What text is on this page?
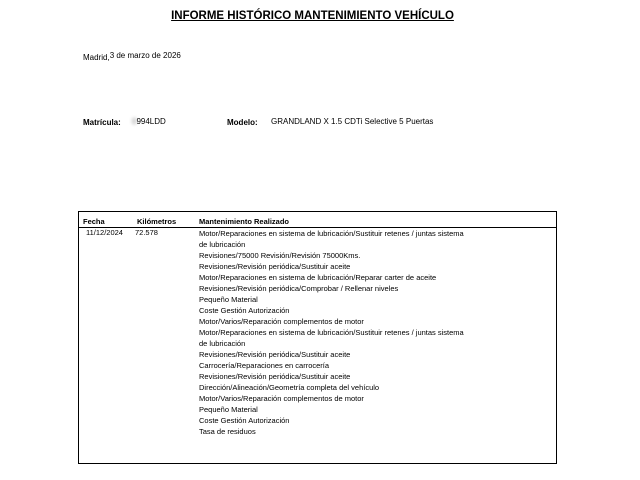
INFORME HISTÓRICO MANTENIMIENTO VEHÍCULO
Madrid,3 de marzo de 2026
Matrícula: 0994LDD	Modelo: GRANDLAND X 1.5 CDTi Selective 5 Puertas
Fecha	Kilómetros	Mantenimiento Realizado
11/12/2024 72.578	Motor/Reparaciones en sistema de lubricación/Sustituir retenes / juntas sistema
de lubricación
Revisiones/75000 Revisión/Revisión 75000Kms.
Revisiones/Revisión periódica/Sustituir aceite
Motor/Reparaciones en sistema de lubricación/Reparar carter de aceite
Revisiones/Revisión periódica/Comprobar / Rellenar niveles
Pequeño Material
Coste Gestión Autorización
Motor/Varios/Reparación complementos de motor
Motor/Reparaciones en sistema de lubricación/Sustituir retenes / juntas sistema
de lubricación
Revisiones/Revisión periódica/Sustituir aceite
Carrocería/Reparaciones en carrocería
Revisiones/Revisión periódica/Sustituir aceite
Dirección/Alineación/Geometría completa del vehículo
Motor/Varios/Reparación complementos de motor
Pequeño Material
Coste Gestión Autorización
Tasa de residuos
